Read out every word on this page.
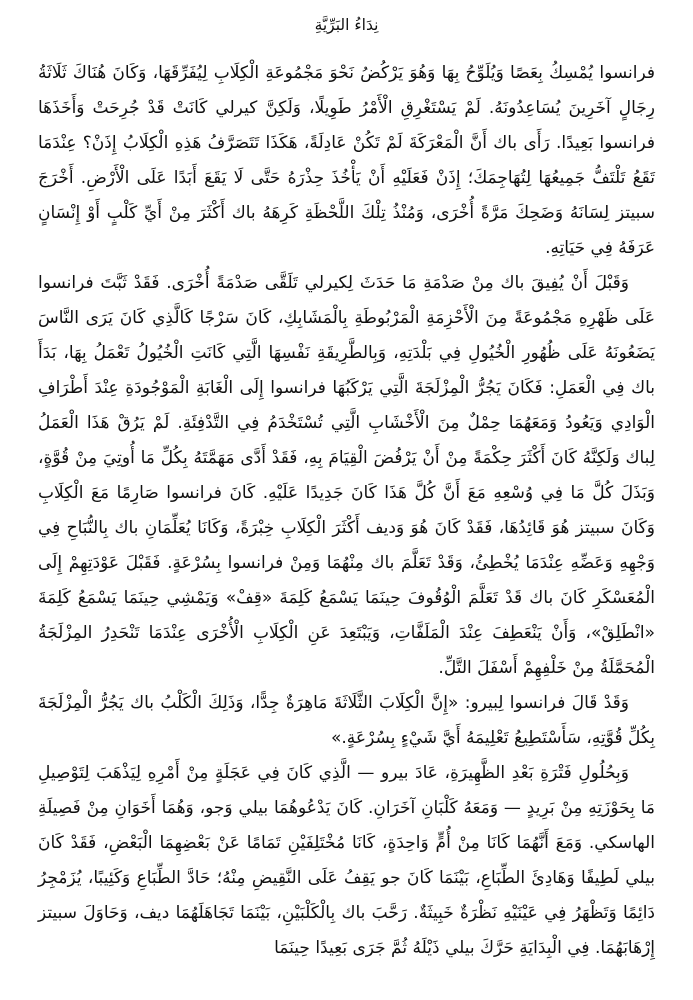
نِدَاءُ البَرِّيَّةِ

فرانسوا يُمْسِكُ بِعَصًا وَيُلَوِّحُ بِهَا وَهُوَ يَرْكُضُ نَحْوَ مَجْمُوعَةِ الْكِلَابِ لِيُفَرِّقَهَا، وَكَانَ هُنَاكَ ثَلَاثَةُ رِجَالٍ آخَرِينَ يُسَاعِدُونَهُ. لَمْ يَسْتَغْرِقِ الْأَمْرُ طَوِيلًا، وَلَكِنَّ كيرلي كَانَتْ قَدْ جُرِحَتْ وَأَخَذَهَا فرانسوا بَعِيدًا. رَأَى باك أَنَّ الْمَعْرَكَةَ لَمْ تَكُنْ عَادِلَةً، هَكَذَا تَتَصَرَّفُ هَذِهِ الْكِلَابُ إِذَنْ؟ عِنْدَمَا تَقَعُ تَلْتَفُّ جَمِيعُهَا لِتُهَاجِمَكَ؛ إِذَنْ فَعَلَيْهِ أَنْ يَأْخُذَ حِذْرَهُ حَتَّى لَا يَقَعَ أَبَدًا عَلَى الْأَرْضِ. أَخْرَجَ سبيتز لِسَانَهُ وَضَحِكَ مَرَّةً أُخْرَى، وَمُنْذُ تِلْكَ اللَّحْظَةِ كَرِهَهُ باك أَكْثَرَ مِنْ أَيِّ كَلْبٍ أَوْ إِنْسَانٍ عَرَفَهُ فِي حَيَاتِهِ.

وَقَبْلَ أَنْ يُفِيقَ باك مِنْ صَدْمَةِ مَا حَدَثَ لِكيرلي تَلَقَّى صَدْمَةً أُخْرَى. فَقَدْ ثَبَّتَ فرانسوا عَلَى ظَهْرِهِ مَجْمُوعَةً مِنَ الْأَحْزِمَةِ الْمَرْبُوطَةِ بِالْمَشَابِكِ، كَانَ سَرْجًا كَالَّذِي كَانَ يَرَى النَّاسَ يَضَعُونَهُ عَلَى ظُهُورِ الْخُيُولِ فِي بَلْدَتِهِ، وَبِالطَّرِيقَةِ نَفْسِهَا الَّتِي كَانَتِ الْخُيُولُ تَعْمَلُ بِهَا، بَدَأَ باك فِي الْعَمَلِ: فَكَانَ يَجُرُّ الْمِزْلَجَةَ الَّتِي يَرْكَبُهَا فرانسوا إِلَى الْغَابَةِ الْمَوْجُودَةِ عِنْدَ أَطْرَافِ الْوَادِي وَيَعُودُ وَمَعَهُمَا حِمْلٌ مِنَ الْأَخْشَابِ الَّتِي تُسْتَخْدَمُ فِي التَّدْفِئَةِ. لَمْ يَرُقْ هَذَا الْعَمَلُ لِباك وَلَكِنَّهُ كَانَ أَكْثَرَ حِكْمَةً مِنْ أَنْ يَرْفُضَ الْقِيَامَ بِهِ، فَقَدْ أَدَّى مَهَمَّتَهُ بِكُلِّ مَا أُوتِيَ مِنْ قُوَّةٍ، وَبَذَلَ كُلَّ مَا فِي وُسْعِهِ مَعَ أَنَّ كُلَّ هَذَا كَانَ جَدِيدًا عَلَيْهِ. كَانَ فرانسوا صَارِمًا مَعَ الْكِلَابِ وَكَانَ سبيتز هُوَ قَائِدُهَا، فَقَدْ كَانَ هُوَ وَديف أَكْثَرَ الْكِلَابِ خِبْرَةً، وَكَانَا يُعَلِّمَانِ باك بِالنُّبَاحِ فِي وَجْهِهِ وَعَضِّهِ عِنْدَمَا يُخْطِئُ، وَقَدْ تَعَلَّمَ باك مِنْهُمَا وَمِنْ فرانسوا بِسُرْعَةٍ. فَقَبْلَ عَوْدَتِهِمْ إِلَى الْمُعَسْكَرِ كَانَ باك قَدْ تَعَلَّمَ الْوُقُوفَ حِينَمَا يَسْمَعُ كَلِمَةَ «قِفْ» وَيَمْشِي حِينَمَا يَسْمَعُ كَلِمَةَ «انْطَلِقْ»، وَأَنْ يَنْعَطِفَ عِنْدَ الْمَلَفَّاتِ، وَيَبْتَعِدَ عَنِ الْكِلَابِ الْأُخْرَى عِنْدَمَا تَنْحَدِرُ المِزْلَجَةُ الْمُحَمَّلَةُ مِنْ خَلْفِهِمْ أَسْفَلَ التَّلِّ.

وَقَدْ قَالَ فرانسوا لِبيرو: «إِنَّ الْكِلَابَ الثَّلَاثَةَ مَاهِرَةٌ جِدًّا، وَذَلِكَ الْكَلْبُ باك يَجُرُّ الْمِزْلَجَةَ بِكُلِّ قُوَّتِهِ، سَأَسْتَطِيعُ تَعْلِيمَهُ أَيَّ شَيْءٍ بِسُرْعَةٍ.»

وَبِحُلُولِ فَتْرَةِ بَعْدِ الظَّهِيرَةِ، عَادَ بيرو — الَّذِي كَانَ فِي عَجَلَةٍ مِنْ أَمْرِهِ لِيَذْهَبَ لِتَوْصِيلِ مَا بِحَوْزَتِهِ مِنْ بَرِيدٍ — وَمَعَهُ كَلْبَانِ آخَرَانِ. كَانَ يَدْعُوهُمَا بيلي وَجو، وَهُمَا أَخَوَانِ مِنْ فَصِيلَةِ الهاسكي. وَمَعَ أَنَّهُمَا كَانَا مِنْ أُمٍّ وَاحِدَةٍ، كَانَا مُخْتَلِفَيْنِ تَمَامًا عَنْ بَعْضِهِمَا الْبَعْضِ، فَقَدْ كَانَ بيلي لَطِيفًا وَهَادِئَ الطِّبَاعِ، بَيْنَمَا كَانَ جو يَقِفُ عَلَى النَّقِيضِ مِنْهُ؛ حَادَّ الطِّبَاعِ وَكَئِيبًا، يُزَمْجِرُ دَائِمًا وَتَظْهَرُ فِي عَيْنَيْهِ نَظْرَةٌ خَبِيثَةٌ. رَحَّبَ باك بِالْكَلْبَيْنِ، بَيْنَمَا تَجَاهَلَهُمَا ديف، وَحَاوَلَ سبيتز إِرْهَابَهُمَا. فِي الْبِدَايَةِ حَرَّكَ بيلي ذَيْلَهُ ثُمَّ جَرَى بَعِيدًا حِينَمَا
